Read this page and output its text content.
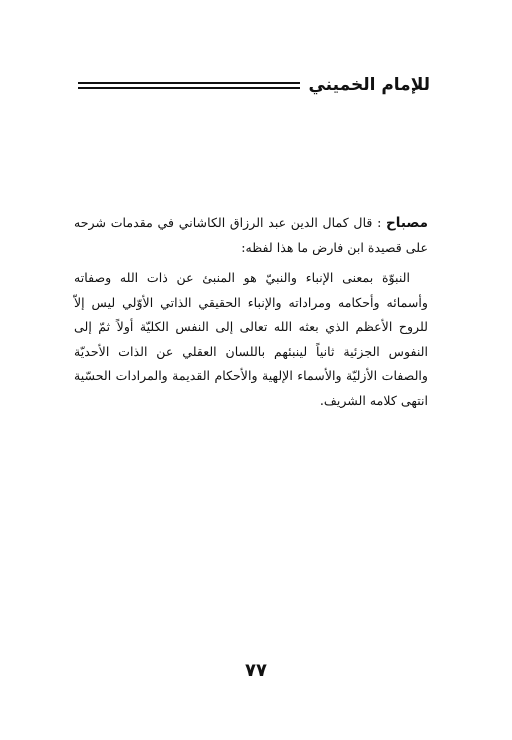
للإمام الخميني

مصباح : قال كمال الدين عبد الرزاق الكاشاني في مقدمات شرحه على قصيدة ابن فارض ما هذا لفظه:

النبوّة بمعنى الإنباء والنبيّ هو المنبئ عن ذات الله وصفاته وأسمائه وأحكامه ومراداته والإنباء الحقيقي الذاتي الأوّلي ليس إلاّ للروح الأعظم الذي بعثه الله تعالى إلى النفس الكليّة أولاً ثمّ إلى النفوس الجزئية ثانياً لينبئهم باللسان العقلي عن الذات الأحديّة والصفات الأزليّة والأسماء الإلهية والأحكام القديمة والمرادات الحسّية انتهى كلامه الشريف.

٧٧
